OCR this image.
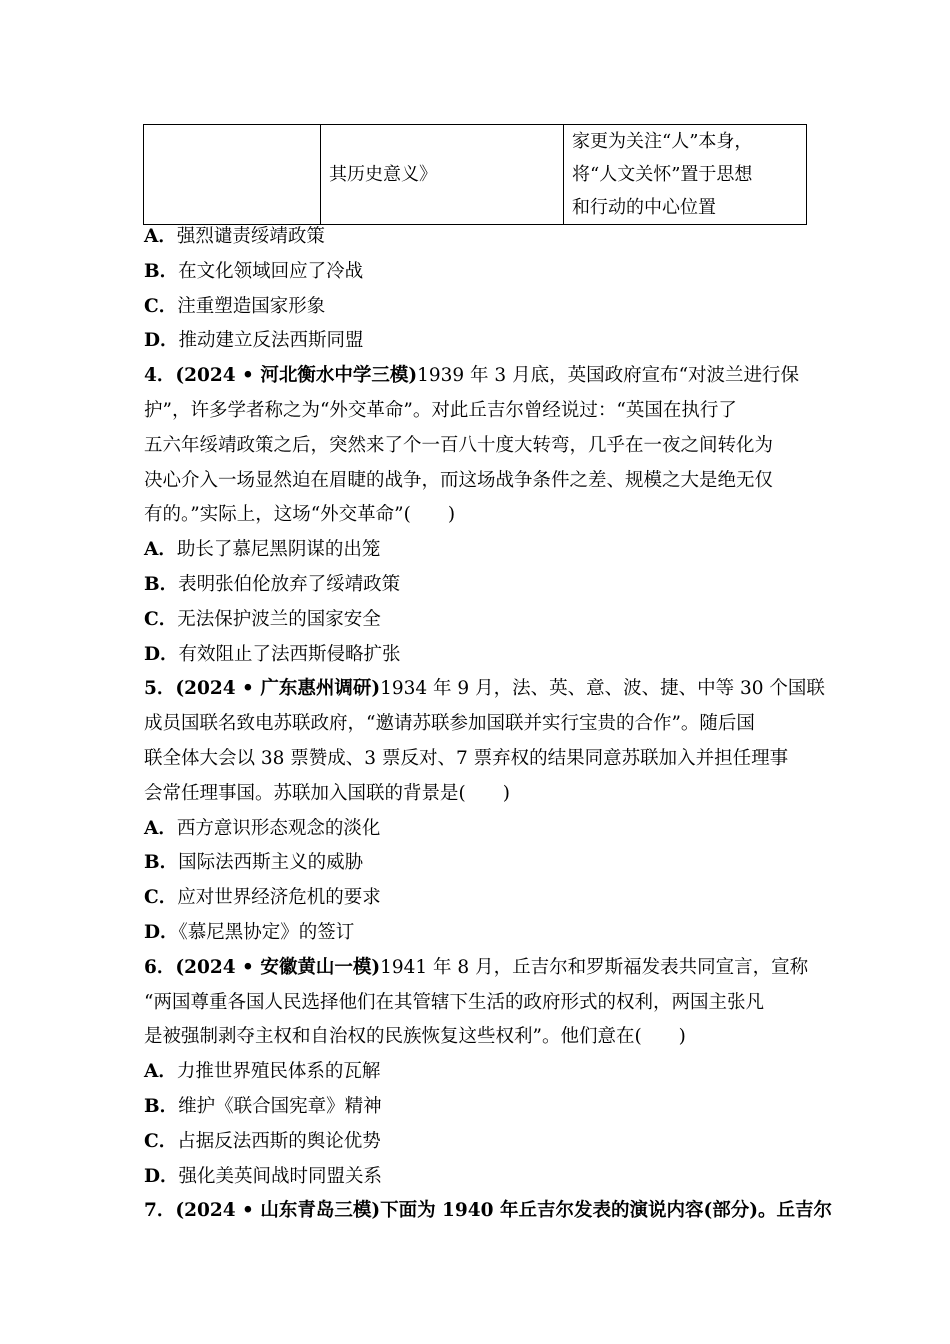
	其历史意义》	
家更为关注“人”本身，
将“人文关怀”置于思想
和行动的中心位置
A．强烈谴责绥靖政策
B．在文化领域回应了冷战
C．注重塑造国家形象
D．推动建立反法西斯同盟
4．(2024 • 河北衡水中学三模)1939 年 3 月底，英国政府宣布“对波兰进行保
护”，许多学者称之为“外交革命”。对此丘吉尔曾经说过：“英国在执行了
五六年绥靖政策之后，突然来了个一百八十度大转弯，几乎在一夜之间转化为
决心介入一场显然迫在眉睫的战争，而这场战争条件之差、规模之大是绝无仅
有的。”实际上，这场“外交革命”(　　)
A．助长了慕尼黑阴谋的出笼
B．表明张伯伦放弃了绥靖政策
C．无法保护波兰的国家安全
D．有效阻止了法西斯侵略扩张
5．(2024 • 广东惠州调研)1934 年 9 月，法、英、意、波、捷、中等 30 个国联
成员国联名致电苏联政府，“邀请苏联参加国联并实行宝贵的合作”。随后国
联全体大会以 38 票赞成、3 票反对、7 票弃权的结果同意苏联加入并担任理事
会常任理事国。苏联加入国联的背景是(　　)
A．西方意识形态观念的淡化
B．国际法西斯主义的威胁
C．应对世界经济危机的要求
D．《慕尼黑协定》的签订
6．(2024 • 安徽黄山一模)1941 年 8 月，丘吉尔和罗斯福发表共同宣言，宣称
“两国尊重各国人民选择他们在其管辖下生活的政府形式的权利，两国主张凡
是被强制剥夺主权和自治权的民族恢复这些权利”。他们意在(　　)
A．力推世界殖民体系的瓦解
B．维护《联合国宪章》精神
C．占据反法西斯的舆论优势
D．强化美英间战时同盟关系
7．(2024 • 山东青岛三模)下面为 1940 年丘吉尔发表的演说内容(部分)。丘吉尔
